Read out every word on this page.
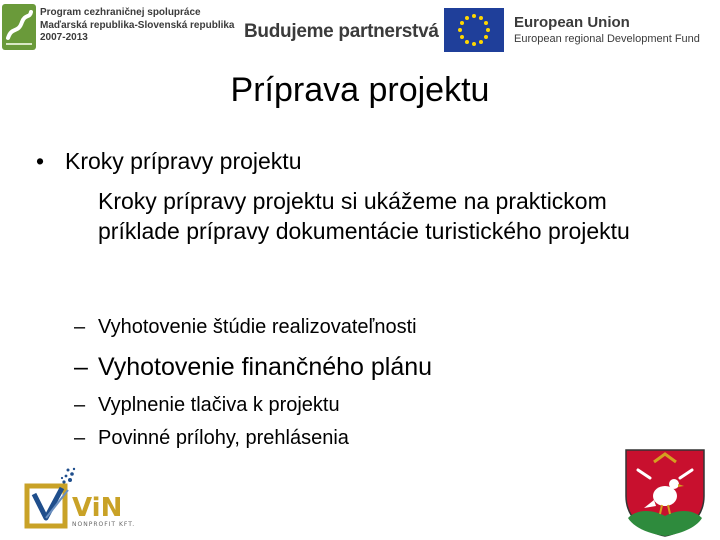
Program cezhraničnej spolupráce
Maďarská republika-Slovenská republika
2007-2013	Budujeme partnerstvá	European Union
European regional Development Fund
Príprava projektu
• Kroky prípravy projektu
Kroky prípravy projektu si ukážeme na praktickom príklade prípravy dokumentácie turistického projektu
– Vyhotovenie štúdie realizovateľnosti
– Vyhotovenie finančného plánu
– Vyplnenie tlačiva k projektu
– Povinné prílohy, prehlásenia
ViN
NONPROFIT KFT.
